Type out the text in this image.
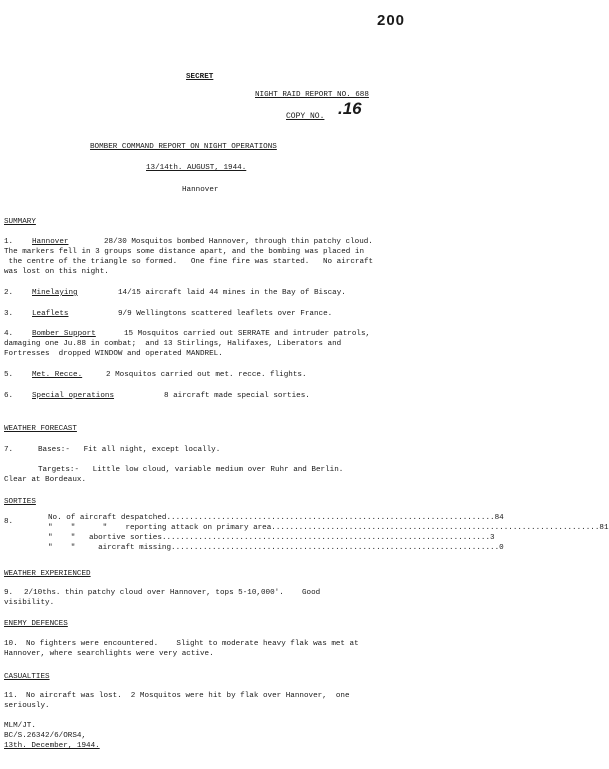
200
SECRET
NIGHT RAID REPORT NO. 688
COPY NO. .16
BOMBER COMMAND REPORT ON NIGHT OPERATIONS
13/14th. AUGUST, 1944.
Hannover
SUMMARY
1. Hannover	28/30 Mosquitos bombed Hannover, through thin patchy cloud.
The markers fell in 3 groups some distance apart, and the bombing was placed in
the centre of the triangle so formed.   One fine fire was started.   No aircraft
was lost on this night.
2. Minelaying	14/15 aircraft laid 44 mines in the Bay of Biscay.
3. Leaflets	9/9 Wellingtons scattered leaflets over France.
4. Bomber Support	15 Mosquitos carried out SERRATE and intruder patrols,
damaging one Ju.88 in combat;  and 13 Stirlings, Halifaxes, Liberators and
Fortresses  dropped WINDOW and operated MANDREL.
5. Met. Recce.	2 Mosquitos carried out met. recce. flights.
6. Special operations	8 aircraft made special sorties.
WEATHER FORECAST
7.	Bases:-   Fit all night, except locally.
Targets:-   Little low cloud, variable medium over Ruhr and Berlin.
Clear at Bordeaux.
SORTIES
8.	No. of aircraft despatched ........................................................................ 84
"    "      "    reporting attack on primary area ........................................................................ 81
"    "   abortive sorties ........................................................................ 3
"    "     aircraft missing ........................................................................ 0
WEATHER EXPERIENCED
9. 2/10ths. thin patchy cloud over Hannover, tops 5-10,000'.    Good
visibility.
ENEMY DEFENCES
10. No fighters were encountered.    Slight to moderate heavy flak was met at
Hannover, where searchlights were very active.
CASUALTIES
11. No aircraft was lost.  2 Mosquitos were hit by flak over Hannover,  one
seriously.
MLM/JT.
BC/S.26342/6/ORS4,
13th. December, 1944.
